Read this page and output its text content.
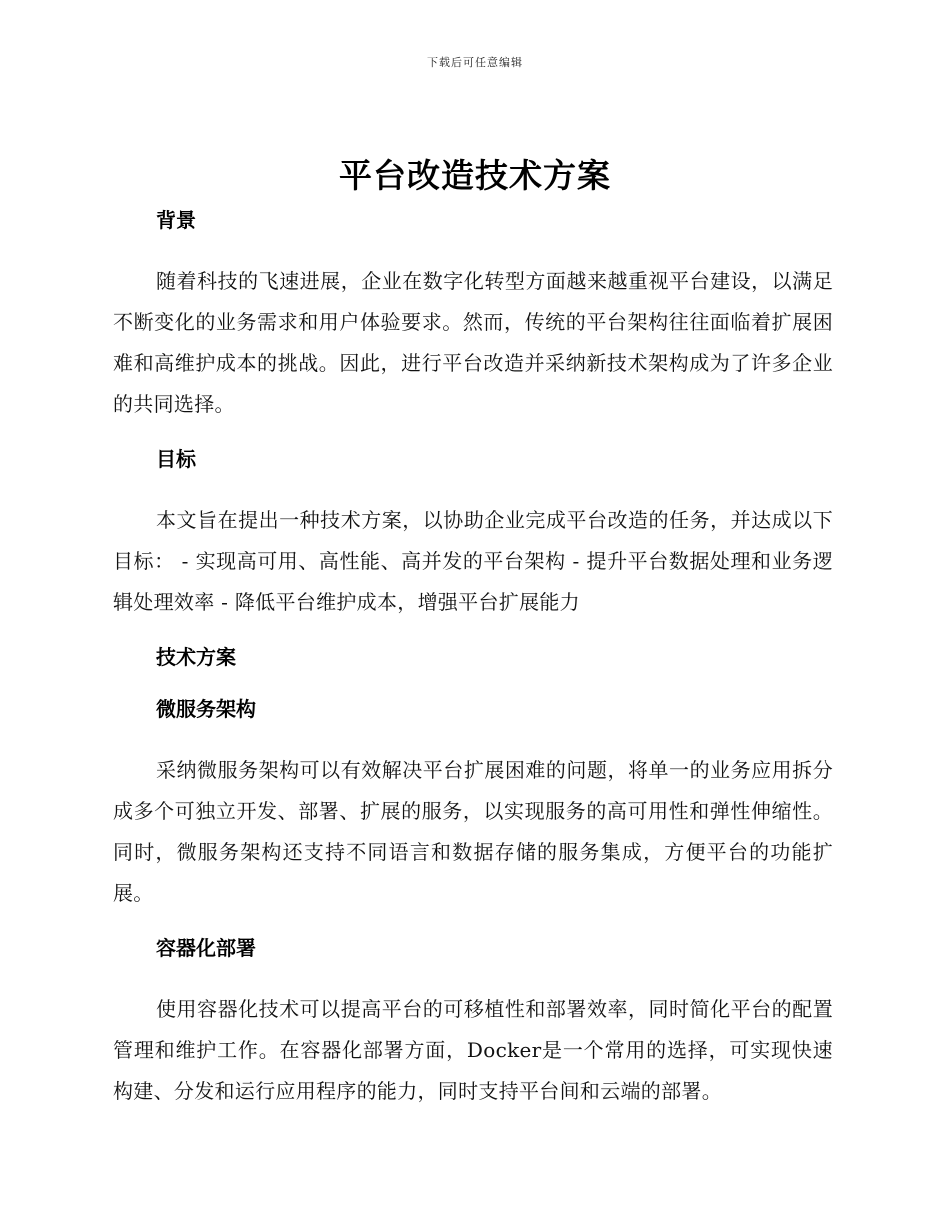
下载后可任意编辑
平台改造技术方案
背景

随着科技的飞速进展，企业在数字化转型方面越来越重视平台建设，以满足不断变化的业务需求和用户体验要求。然而，传统的平台架构往往面临着扩展困难和高维护成本的挑战。因此，进行平台改造并采纳新技术架构成为了许多企业的共同选择。

目标

本文旨在提出一种技术方案，以协助企业完成平台改造的任务，并达成以下目标： - 实现高可用、高性能、高并发的平台架构 - 提升平台数据处理和业务逻辑处理效率 - 降低平台维护成本，增强平台扩展能力

技术方案
微服务架构

采纳微服务架构可以有效解决平台扩展困难的问题，将单一的业务应用拆分成多个可独立开发、部署、扩展的服务，以实现服务的高可用性和弹性伸缩性。同时，微服务架构还支持不同语言和数据存储的服务集成，方便平台的功能扩展。

容器化部署

使用容器化技术可以提高平台的可移植性和部署效率，同时简化平台的配置管理和维护工作。在容器化部署方面，Docker是一个常用的选择，可实现快速构建、分发和运行应用程序的能力，同时支持平台间和云端的部署。
